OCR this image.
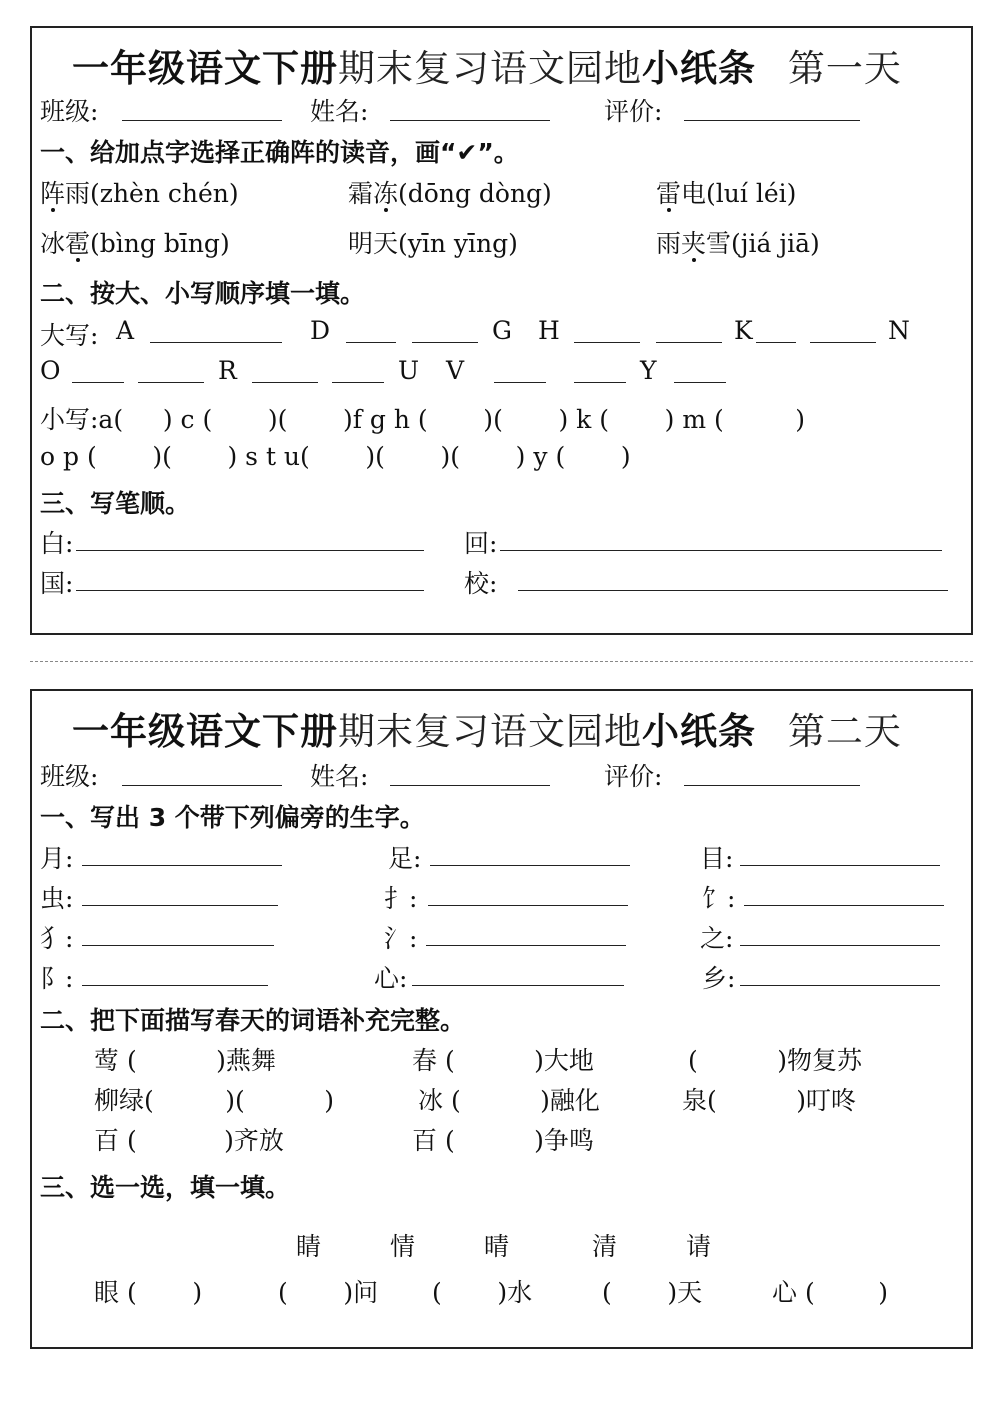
一年级语文下册期末复习语文园地小纸条 第一天
班级:	姓名:	评价:
一、给加点字选择正确阵的读音，画“✔”。
阵雨(zhèn chén)	霜冻(dōng dòng)	雷电(luí léi)
冰雹(bìng bīng)	明天(yīn yīng)	雨夹雪(jiá jiā)
二、按大、小写顺序填一填。
大写: A	D	G H	K	N
O	R	U V	Y
小写:a(     ) c (       )(       )f g h (       )(       ) k (       ) m (         )
o p (       )(       ) s t u(       )(       )(       ) y (       )
三、写笔顺。
白:	回:
国:	校:
一年级语文下册期末复习语文园地小纸条 第二天
班级:	姓名:	评价:
一、写出 3 个带下列偏旁的生字。
月:	足:	目:
虫:	扌:	饣:
犭:	氵:	之:
阝:	心:	乡:
二、把下面描写春天的词语补充完整。
莺 (          )燕舞	春 (          )大地	(          )物复苏
柳绿(         )(          )	冰 (          )融化	泉(          )叮咚
百 (           )齐放	百 (          )争鸣
三、选一选，填一填。
睛	情	晴	清	请
眼 (       )	(       )问 (       )水	(       )天	心 (        )
